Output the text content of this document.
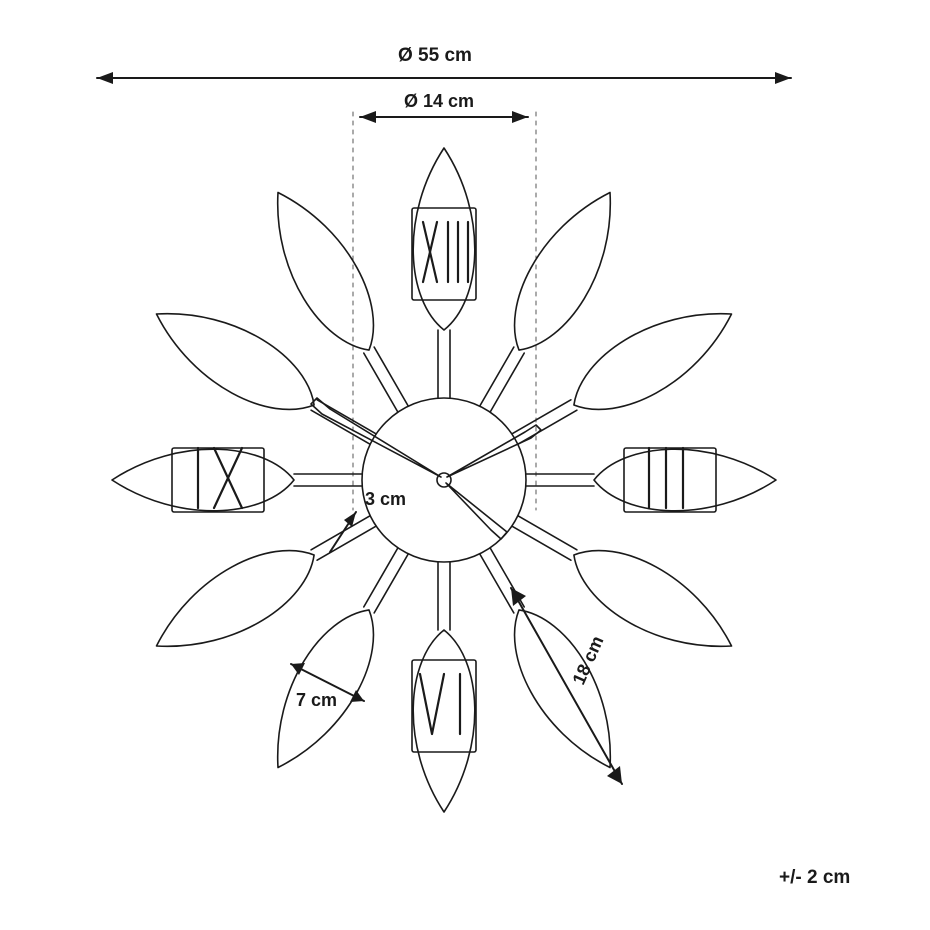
Ø 55 cm
Ø 14 cm
3 cm
7 cm
18 cm
+/- 2 cm
